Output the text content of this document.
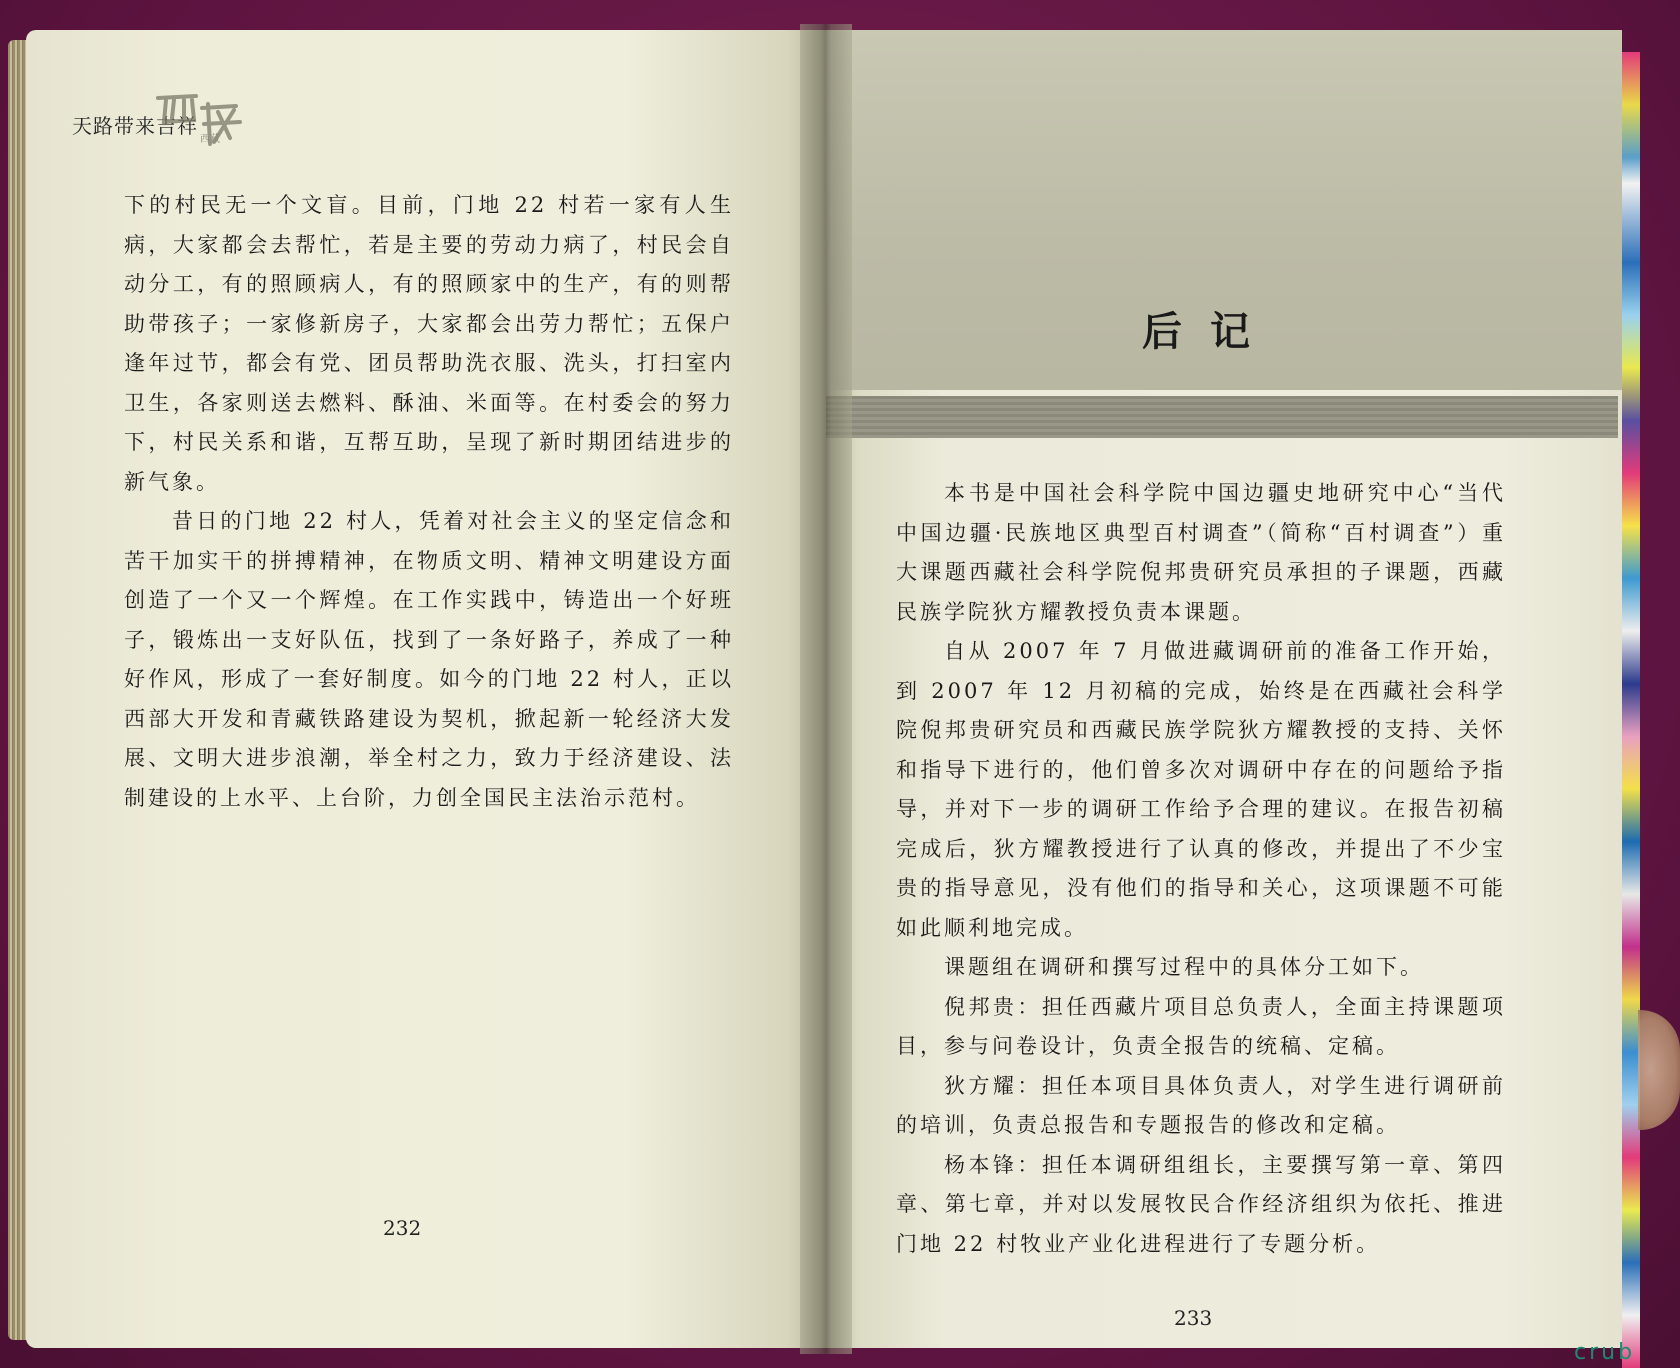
天路带来吉祥
西藏

下的村民无一个文盲。目前，门地 22 村若一家有人生病，大家都会去帮忙，若是主要的劳动力病了，村民会自动分工，有的照顾病人，有的照顾家中的生产，有的则帮助带孩子；一家修新房子，大家都会出劳力帮忙；五保户逢年过节，都会有党、团员帮助洗衣服、洗头，打扫室内卫生，各家则送去燃料、酥油、米面等。在村委会的努力下，村民关系和谐，互帮互助，呈现了新时期团结进步的新气象。

昔日的门地 22 村人，凭着对社会主义的坚定信念和苦干加实干的拼搏精神，在物质文明、精神文明建设方面创造了一个又一个辉煌。在工作实践中，铸造出一个好班子，锻炼出一支好队伍，找到了一条好路子，养成了一种好作风，形成了一套好制度。如今的门地 22 村人，正以西部大开发和青藏铁路建设为契机，掀起新一轮经济大发展、文明大进步浪潮，举全村之力，致力于经济建设、法制建设的上水平、上台阶，力创全国民主法治示范村。

232
后记

本书是中国社会科学院中国边疆史地研究中心“当代中国边疆·民族地区典型百村调查”（简称“百村调查”）重大课题西藏社会科学院倪邦贵研究员承担的子课题，西藏民族学院狄方耀教授负责本课题。

自从 2007 年 7 月做进藏调研前的准备工作开始，到 2007 年 12 月初稿的完成，始终是在西藏社会科学院倪邦贵研究员和西藏民族学院狄方耀教授的支持、关怀和指导下进行的，他们曾多次对调研中存在的问题给予指导，并对下一步的调研工作给予合理的建议。在报告初稿完成后，狄方耀教授进行了认真的修改，并提出了不少宝贵的指导意见，没有他们的指导和关心，这项课题不可能如此顺利地完成。

课题组在调研和撰写过程中的具体分工如下。

倪邦贵：担任西藏片项目总负责人，全面主持课题项目，参与问卷设计，负责全报告的统稿、定稿。

狄方耀：担任本项目具体负责人，对学生进行调研前的培训，负责总报告和专题报告的修改和定稿。

杨本锋：担任本调研组组长，主要撰写第一章、第四章、第七章，并对以发展牧民合作经济组织为依托、推进门地 22 村牧业产业化进程进行了专题分析。

233
crub
